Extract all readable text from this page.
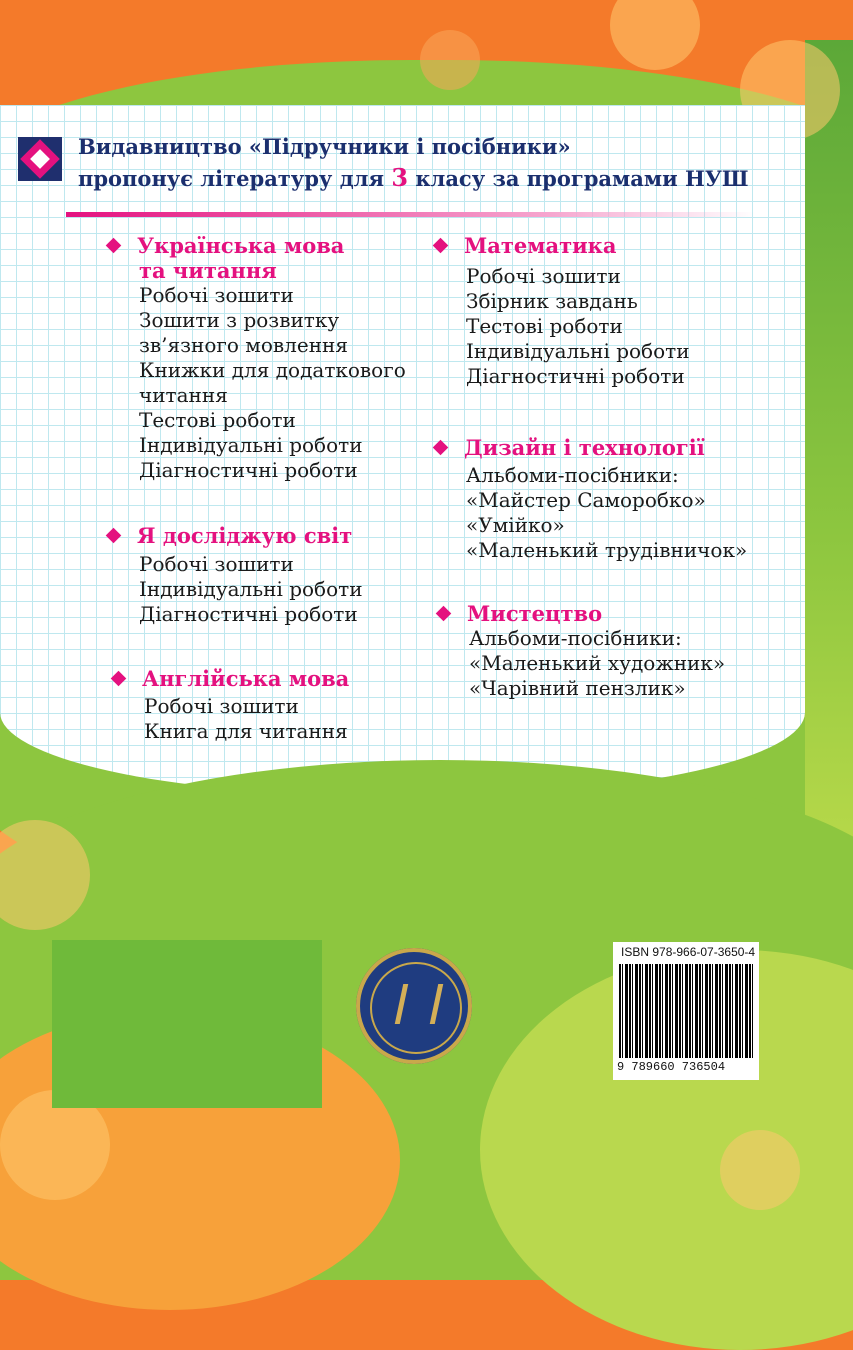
Видавництво «Підручники і посібники»
пропонує літературу для 3 класу за програмами НУШ
Українська мова
та читання
Робочі зошити
Зошити з розвитку
зв’язного мовлення
Книжки для додаткового
читання
Тестові роботи
Індивідуальні роботи
Діагностичні роботи
Я досліджую світ
Робочі зошити
Індивідуальні роботи
Діагностичні роботи
Англійська мова
Робочі зошити
Книга для читання
Математика
Робочі зошити
Збірник завдань
Тестові роботи
Індивідуальні роботи
Діагностичні роботи
Дизайн і технології
Альбоми-посібники:
«Майстер Саморобко»
«Умійко»
«Маленький трудівничок»
Мистецтво
Альбоми-посібники:
«Маленький художник»
«Чарівний пензлик»
ISBN 978-966-07-3650-4
9 789660 736504
